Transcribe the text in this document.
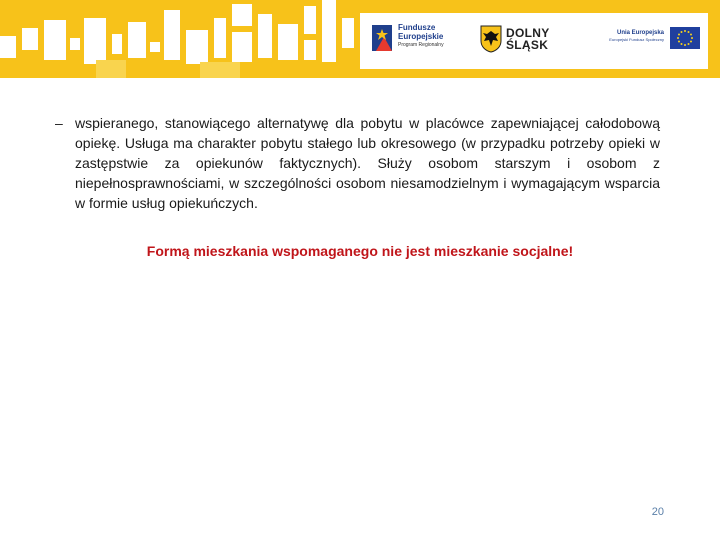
Fundusze
Europejskie
Program Regionalny
DOLNY
ŚLĄSK
Unia Europejska
Europejski Fundusz Społeczny
– wspieranego, stanowiącego alternatywę dla pobytu w placówce zapewniającej całodobową opiekę. Usługa ma charakter pobytu stałego lub okresowego (w przypadku potrzeby opieki w zastępstwie za opiekunów faktycznych). Służy osobom starszym i osobom z niepełnosprawnościami, w szczególności osobom niesamodzielnym i wymagającym wsparcia w formie usług opiekuńczych.
Formą mieszkania wspomaganego nie jest mieszkanie socjalne!
20
